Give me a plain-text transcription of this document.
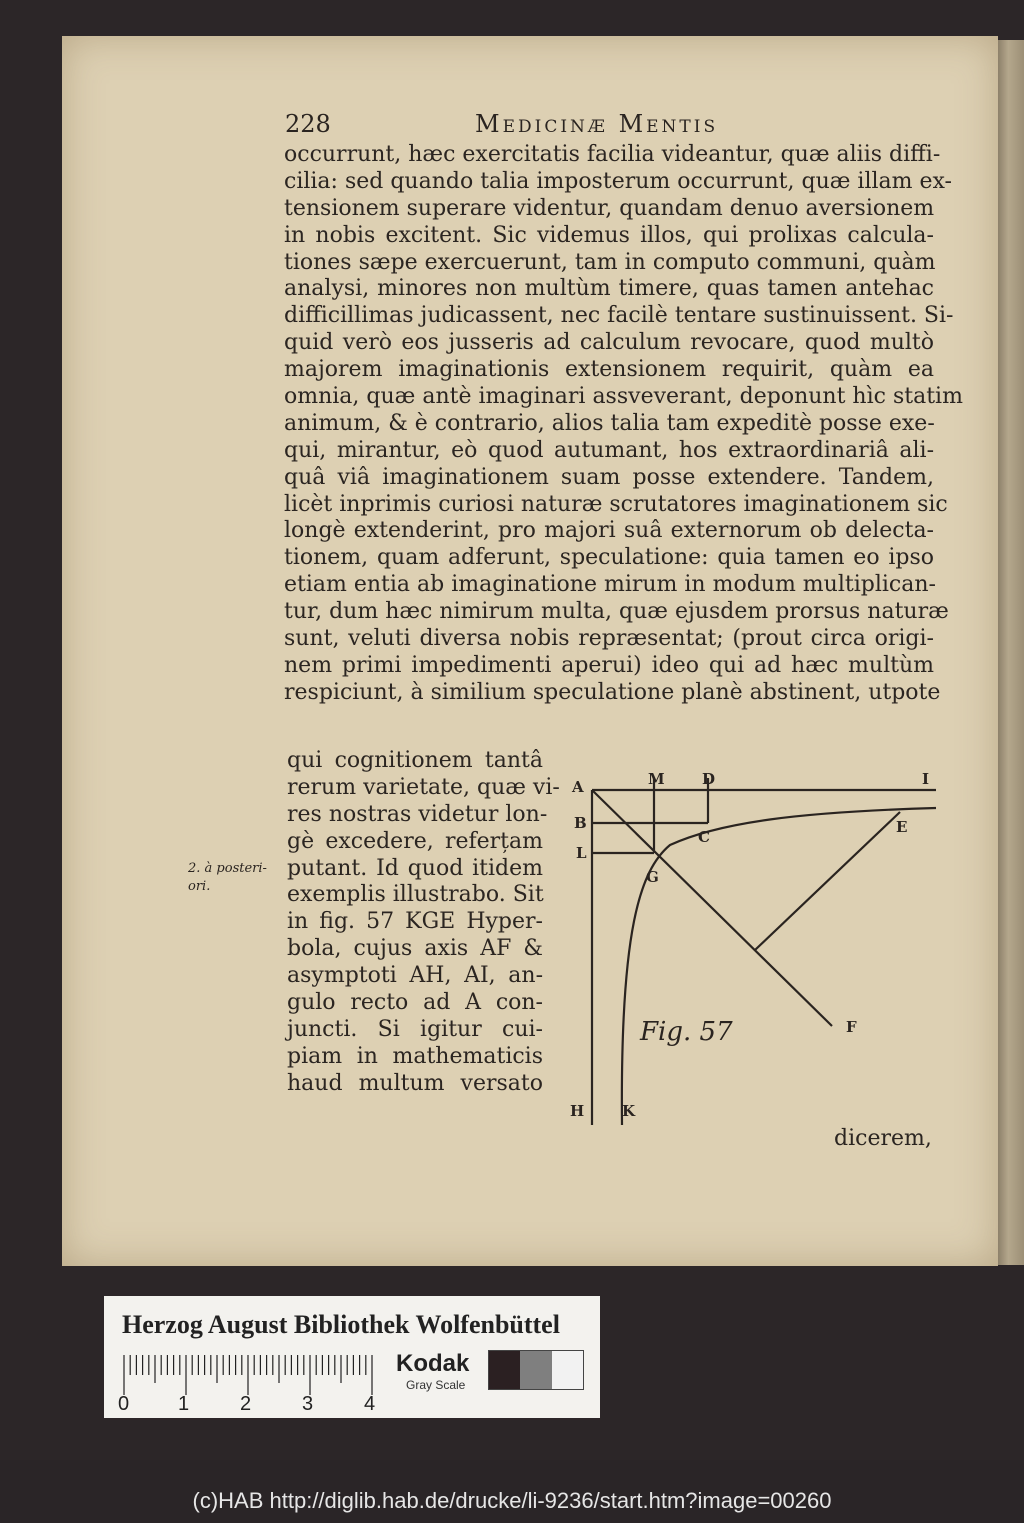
228	Medicinæ Mentis
occurrunt, hæc exercitatis facilia videantur, quæ aliis diffi-
cilia: sed quando talia imposterum occurrunt, quæ illam ex-
tensionem superare videntur, quandam denuo aversionem
in nobis excitent. Sic videmus illos, qui prolixas calcula-
tiones sæpe exercuerunt, tam in computo communi, quàm
analysi, minores non multùm timere, quas tamen antehac
difficillimas judicassent, nec facilè tentare sustinuissent. Si-
quid verò eos jusseris ad calculum revocare, quod multò
majorem imaginationis extensionem requirit, quàm ea
omnia, quæ antè imaginari assveverant, deponunt hìc statim
animum, & è contrario, alios talia tam expeditè posse exe-
qui, mirantur, eò quod autumant, hos extraordinariâ ali-
quâ viâ imaginationem suam posse extendere. Tandem,
licèt inprimis curiosi naturæ scrutatores imaginationem sic
longè extenderint, pro majori suâ externorum ob delecta-
tionem, quam adferunt, speculatione: quia tamen eo ipso
etiam entia ab imaginatione mirum in modum multiplican-
tur, dum hæc nimirum multa, quæ ejusdem prorsus naturæ
sunt, veluti diversa nobis repræsentat; (prout circa origi-
nem primi impedimenti aperui) ideo qui ad hæc multùm
respiciunt, à similium speculatione planè abstinent, utpote
qui cognitionem tantâ
rerum varietate, quæ vi-
res nostras videtur lon-
gè excedere, referțam
putant. Id quod itidem
exemplis illustrabo. Sit
in fig. 57 KGE Hyper-
bola, cujus axis AF &
asymptoti AH, AI, an-
gulo recto ad A con-
juncti. Si igitur cui-
piam in mathematicis
haud multum versato
2. à posteri-
ori.
dicerem,
A	M D	I
B
C
E
L
G
F
H	K
Fig. 57
Herzog August Bibliothek Wolfenbüttel
0 1	2	3	4
Kodak
Gray Scale
(c)HAB http://diglib.hab.de/drucke/li-9236/start.htm?image=00260
